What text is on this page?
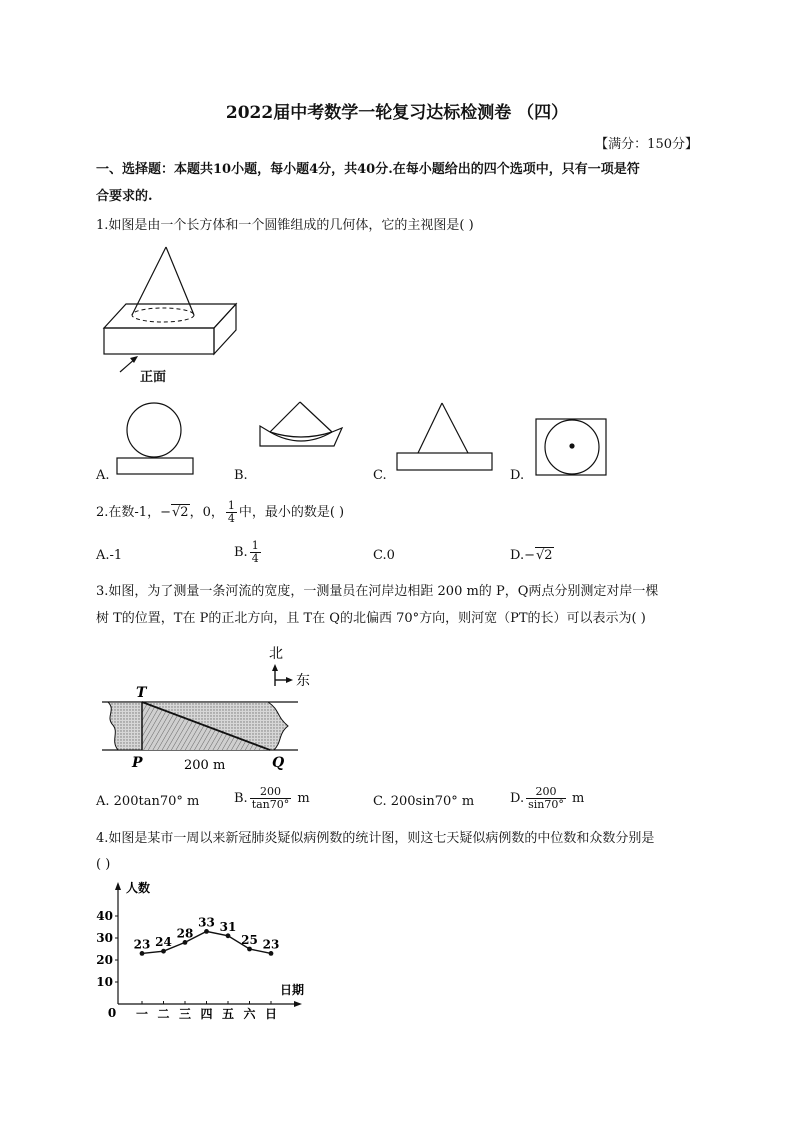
2022届中考数学一轮复习达标检测卷 （四）
【满分：150分】
一、选择题：本题共10小题，每小题4分，共40分.在每小题给出的四个选项中，只有一项是符
合要求的.
1.如图是由一个长方体和一个圆锥组成的几何体，它的主视图是( )
正面
A.	B.	C.	D.
2.在数-1，−√2，0， $\frac{1}{4}$ 中，最小的数是( )
A.-1	B. $\frac{1}{4}$	C.0	D.−√2
3.如图，为了测量一条河流的宽度，一测量员在河岸边相距 200 m的 P，Q两点分别测定对岸一棵
树 T的位置，T在 P的正北方向，且 T在 Q的北偏西 70°方向，则河宽（PT的长）可以表示为( )
北
东
T
P	Q
200 m
A. 200tan70° m	B. $\frac{200}{\tan 70^\circ}$ m	C. 200sin70° m	D. $\frac{200}{\sin 70^\circ}$ m
4.如图是某市一周以来新冠肺炎疑似病例数的统计图，则这七天疑似病例数的中位数和众数分别是
( )
人数
日期
0
10
20
30
40
一 二 三 四 五 六 日
23 24
28
33 31
25 23
